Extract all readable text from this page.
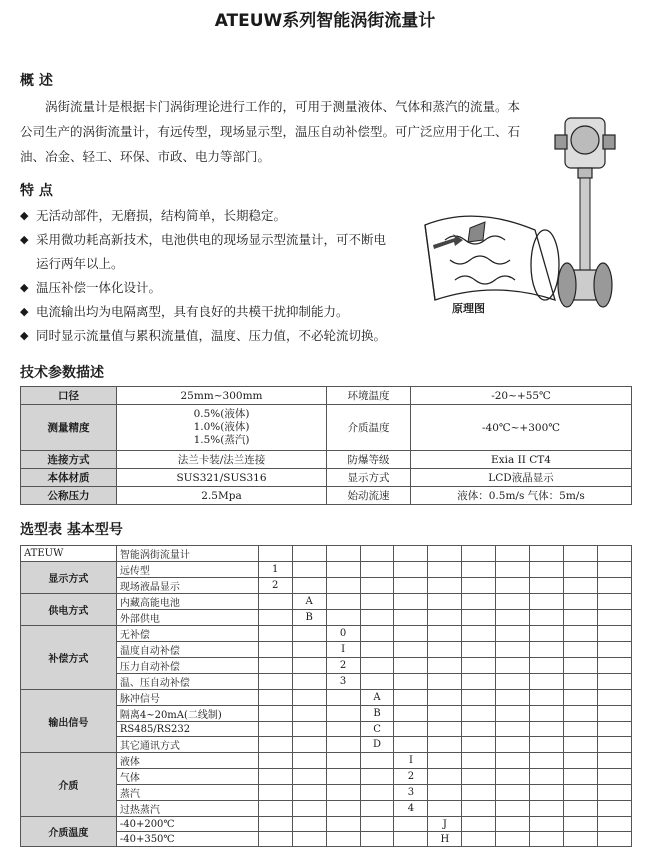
ATEUW系列智能涡街流量计
概 述
涡街流量计是根据卡门涡街理论进行工作的，可用于测量液体、气体和蒸汽的流量。本公司生产的涡街流量计，有远传型，现场显示型，温压自动补偿型。可广泛应用于化工、石油、冶金、轻工、环保、市政、电力等部门。
特 点
◆ 无活动部件，无磨损，结构简单，长期稳定。
◆ 采用微功耗高新技术，电池供电的现场显示型流量计，可不断电
运行两年以上。
◆ 温压补偿一体化设计。
◆ 电流输出均为电隔离型，具有良好的共模干扰抑制能力。
◆ 同时显示流量值与累积流量值，温度、压力值，不必轮流切换。
原理图
技术参数描述
口径	25mm~300mm	环境温度	-20~+55℃
测量精度	0.5%(液体)
1.0%(液体)
1.5%(蒸汽)	介质温度	-40℃~+300℃
连接方式	法兰卡装/法兰连接	防爆等级	Exia II CT4
本体材质	SUS321/SUS316	显示方式	LCD液晶显示
公称压力	2.5Mpa	始动流速	液体：0.5m/s 气体：5m/s
选型表 基本型号
ATEUW	智能涡街流量计											
显示方式	远传型	1										
	现场液晶显示	2										
供电方式	内藏高能电池		A									
	外部供电		B									
补偿方式	无补偿			0								
	温度自动补偿			I								
	压力自动补偿			2								
	温、压自动补偿			3								
输出信号	脉冲信号				A							
	隔离4~20mA(二线制)				B							
	RS485/RS232				C							
	其它通讯方式				D							
介质	液体					I						
	气体					2						
	蒸汽					3						
	过热蒸汽					4						
介质温度	-40+200℃						J					
	-40+350℃						H					
